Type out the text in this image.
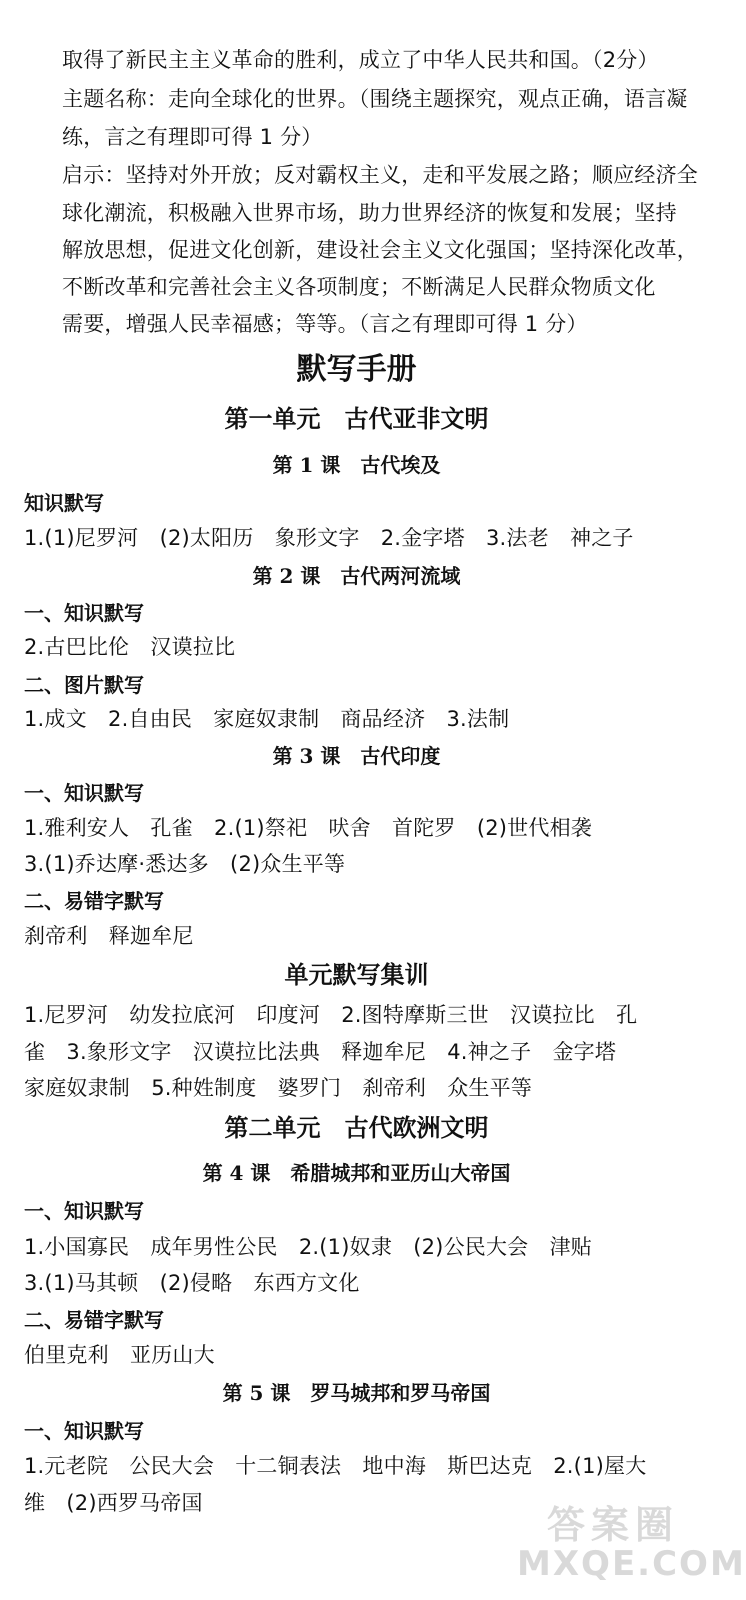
取得了新民主主义革命的胜利，成立了中华人民共和国。（2分）
主题名称：走向全球化的世界。（围绕主题探究，观点正确，语言凝
练，言之有理即可得 1 分）
启示：坚持对外开放；反对霸权主义，走和平发展之路；顺应经济全
球化潮流，积极融入世界市场，助力世界经济的恢复和发展；坚持
解放思想，促进文化创新，建设社会主义文化强国；坚持深化改革，
不断改革和完善社会主义各项制度；不断满足人民群众物质文化
需要，增强人民幸福感；等等。（言之有理即可得 1 分）
默写手册
第一单元　古代亚非文明
第 1 课　古代埃及
知识默写
1.(1)尼罗河　(2)太阳历　象形文字　2.金字塔　3.法老　神之子
第 2 课　古代两河流域
一、知识默写
2.古巴比伦　汉谟拉比
二、图片默写
1.成文　2.自由民　家庭奴隶制　商品经济　3.法制
第 3 课　古代印度
一、知识默写
1.雅利安人　孔雀　2.(1)祭祀　吠舍　首陀罗　(2)世代相袭
3.(1)乔达摩·悉达多　(2)众生平等
二、易错字默写
刹帝利　释迦牟尼
单元默写集训
1.尼罗河　幼发拉底河　印度河　2.图特摩斯三世　汉谟拉比　孔
雀　3.象形文字　汉谟拉比法典　释迦牟尼　4.神之子　金字塔
家庭奴隶制　5.种姓制度　婆罗门　刹帝利　众生平等
第二单元　古代欧洲文明
第 4 课　希腊城邦和亚历山大帝国
一、知识默写
1.小国寡民　成年男性公民　2.(1)奴隶　(2)公民大会　津贴
3.(1)马其顿　(2)侵略　东西方文化
二、易错字默写
伯里克利　亚历山大
第 5 课　罗马城邦和罗马帝国
一、知识默写
1.元老院　公民大会　十二铜表法　地中海　斯巴达克　2.(1)屋大
维　(2)西罗马帝国	答案圈
MXQE.COM
